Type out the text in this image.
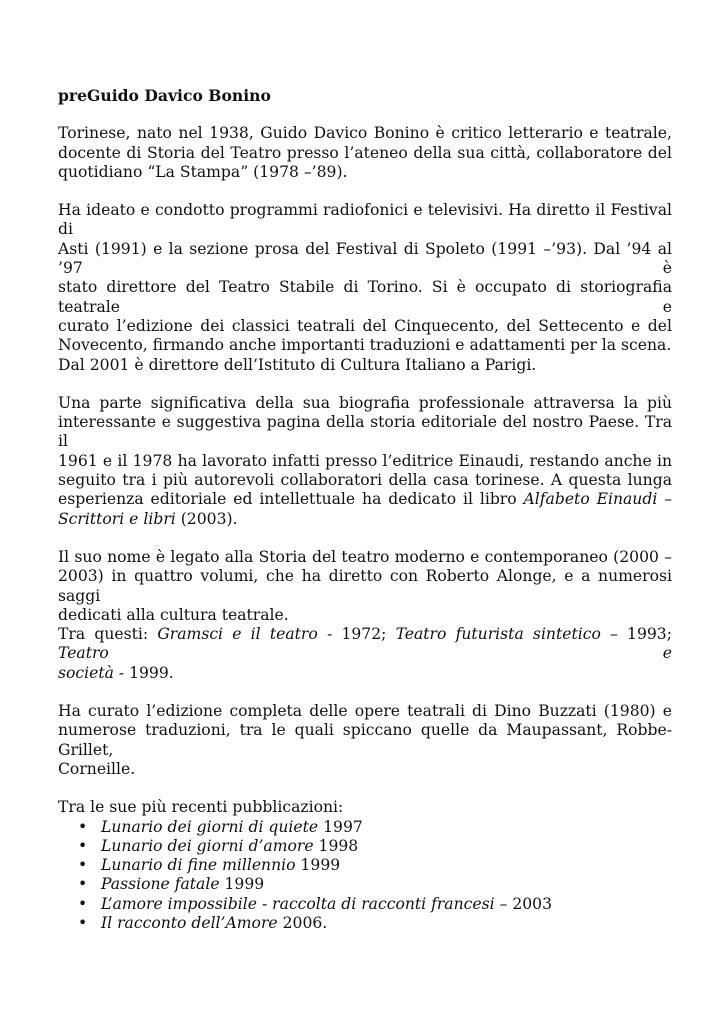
preGuido Davico Bonino
Torinese, nato nel 1938, Guido Davico Bonino è critico letterario e teatrale,
docente di Storia del Teatro presso l’ateneo della sua città, collaboratore del
quotidiano “La Stampa” (1978 –’89).
Ha ideato e condotto programmi radiofonici e televisivi. Ha diretto il Festival di
Asti (1991) e la sezione prosa del Festival di Spoleto (1991 –’93). Dal ’94 al ’97 è
stato direttore del Teatro Stabile di Torino. Si è occupato di storiografia teatrale e
curato l’edizione dei classici teatrali del Cinquecento, del Settecento e del
Novecento, firmando anche importanti traduzioni e adattamenti per la scena.
Dal 2001 è direttore dell’Istituto di Cultura Italiano a Parigi.
Una parte significativa della sua biografia professionale attraversa la più
interessante e suggestiva pagina della storia editoriale del nostro Paese. Tra il
1961 e il 1978 ha lavorato infatti presso l’editrice Einaudi, restando anche in
seguito tra i più autorevoli collaboratori della casa torinese. A questa lunga
esperienza editoriale ed intellettuale ha dedicato il libro Alfabeto Einaudi –
Scrittori e libri (2003).
Il suo nome è legato alla Storia del teatro moderno e contemporaneo (2000 –
2003) in quattro volumi, che ha diretto con Roberto Alonge, e a numerosi saggi
dedicati alla cultura teatrale.
Tra questi: Gramsci e il teatro - 1972; Teatro futurista sintetico – 1993; Teatro e
società - 1999.
Ha curato l’edizione completa delle opere teatrali di Dino Buzzati (1980) e
numerose traduzioni, tra le quali spiccano quelle da Maupassant, Robbe-Grillet,
Corneille.
Tra le sue più recenti pubblicazioni:
• Lunario dei giorni di quiete 1997
• Lunario dei giorni d’amore 1998
• Lunario di fine millennio 1999
• Passione fatale 1999
• L’amore impossibile - raccolta di racconti francesi – 2003
• Il racconto dell’Amore 2006.
